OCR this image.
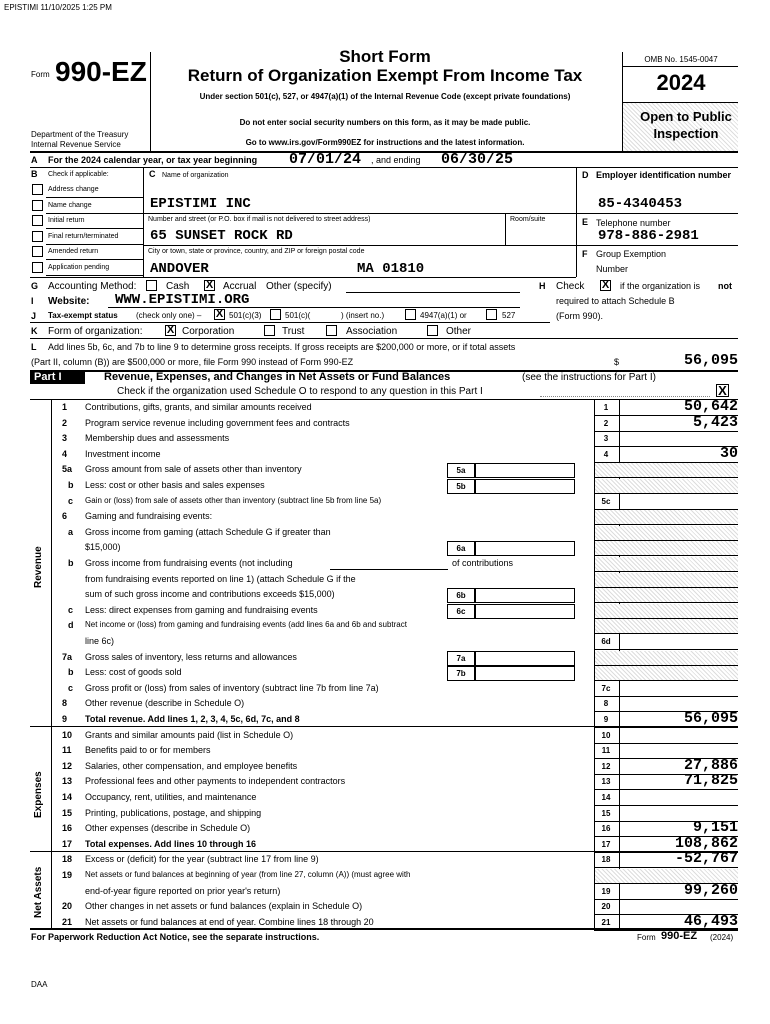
EPISTIMI 11/10/2025 1:25 PM
Form 990-EZ	Short Form
Return of Organization Exempt From Income Tax
Under section 501(c), 527, or 4947(a)(1) of the Internal Revenue Code (except private foundations)
Do not enter social security numbers on this form, as it may be made public.
Go to www.irs.gov/Form990EZ for instructions and the latest information.
Department of the Treasury
Internal Revenue Service
OMB No. 1545-0047
2024
Open to Public
Inspection
A For the 2024 calendar year, or tax year beginning 07/01/24 , and ending 06/30/25
B Check if applicable:
Address change
Name change
Initial return
Final return/terminated
Amended return
Application pending
C Name of organization
EPISTIMI INC
Number and street (or P.O. box if mail is not delivered to street address)	Room/suite
65 SUNSET ROCK RD
City or town, state or province, country, and ZIP or foreign postal code
ANDOVER	MA 01810
D Employer identification number
85-4340453
E Telephone number
978-886-2981
F Group Exemption
Number
G Accounting Method:	Cash X Accrual Other (specify)	H Check X if the organization is not
required to attach Schedule B
(Form 990).
I Website: WWW.EPISTIMI.ORG
J Tax-exempt status (check only one) – X 501(c)(3)	501(c)(	) (insert no.)	4947(a)(1) or	527
K Form of organization: X Corporation	Trust	Association	Other
L Add lines 5b, 6c, and 7b to line 9 to determine gross receipts. If gross receipts are $200,000 or more, or if total assets
(Part II, column (B)) are $500,000 or more, file Form 990 instead of Form 990-EZ	$	56,095
Part I	Revenue, Expenses, and Changes in Net Assets or Fund Balances	(see the instructions for Part I)
Check if the organization used Schedule O to respond to any question in this Part I	X
Revenue
Expenses
Net Assets
1 Contributions, gifts, grants, and similar amounts received	1	50,642
2 Program service revenue including government fees and contracts	2	5,423
3 Membership dues and assessments	3
4 Investment income	4	30
5a Gross amount from sale of assets other than inventory	5a
b Less: cost or other basis and sales expenses	5b
c Gain or (loss) from sale of assets other than inventory (subtract line 5b from line 5a)	5c
6 Gaming and fundraising events:
a Gross income from gaming (attach Schedule G if greater than
$15,000)	6a
b Gross income from fundraising events (not including	of contributions
from fundraising events reported on line 1) (attach Schedule G if the
sum of such gross income and contributions exceeds $15,000)	6b
c Less: direct expenses from gaming and fundraising events	6c
d Net income or (loss) from gaming and fundraising events (add lines 6a and 6b and subtract
line 6c)	6d
7a Gross sales of inventory, less returns and allowances	7a
b Less: cost of goods sold	7b
c Gross profit or (loss) from sales of inventory (subtract line 7b from line 7a)	7c
8 Other revenue (describe in Schedule O)	8
9 Total revenue. Add lines 1, 2, 3, 4, 5c, 6d, 7c, and 8	9	56,095
10 Grants and similar amounts paid (list in Schedule O)	10
11 Benefits paid to or for members	11
12 Salaries, other compensation, and employee benefits	12	27,886
13 Professional fees and other payments to independent contractors	13	71,825
14 Occupancy, rent, utilities, and maintenance	14
15 Printing, publications, postage, and shipping	15
16 Other expenses (describe in Schedule O)	16	9,151
17 Total expenses. Add lines 10 through 16	17	108,862
18 Excess or (deficit) for the year (subtract line 17 from line 9)	18	-52,767
19 Net assets or fund balances at beginning of year (from line 27, column (A)) (must agree with
end-of-year figure reported on prior year's return)	19	99,260
20 Other changes in net assets or fund balances (explain in Schedule O)	20
21 Net assets or fund balances at end of year. Combine lines 18 through 20	21	46,493
For Paperwork Reduction Act Notice, see the separate instructions.	Form 990-EZ (2024)
DAA
